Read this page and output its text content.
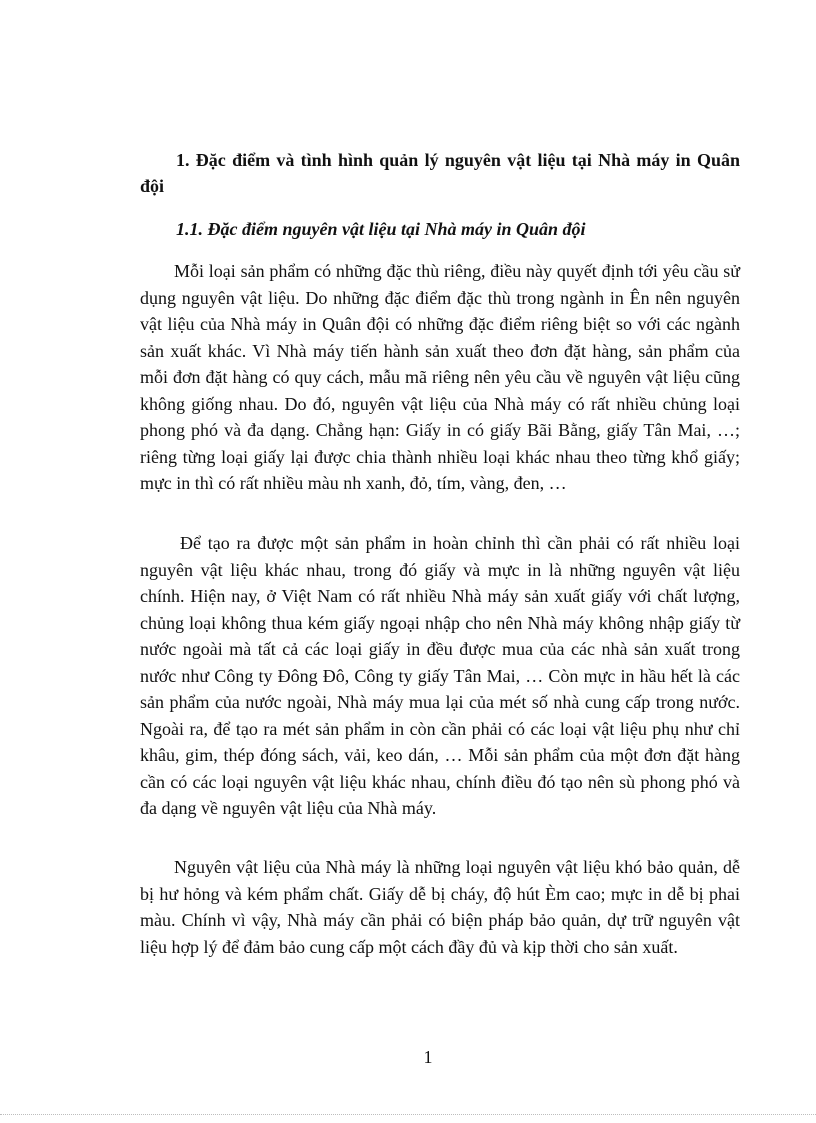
1. Đặc điểm và tình hình quản lý nguyên vật liệu tại Nhà máy in Quân đội
1.1. Đặc điểm nguyên vật liệu tại Nhà máy in Quân đội
Mỗi loại sản phẩm có những đặc thù riêng, điều này quyết định tới yêu cầu sử dụng nguyên vật liệu. Do những đặc điểm đặc thù trong ngành in Ên nên nguyên vật liệu của Nhà máy in Quân đội có những đặc điểm riêng biệt so với các ngành sản xuất khác. Vì Nhà máy tiến hành sản xuất theo đơn đặt hàng, sản phẩm của mỗi đơn đặt hàng có quy cách, mẫu mã riêng nên yêu cầu về nguyên vật liệu cũng không giống nhau. Do đó, nguyên vật liệu của Nhà máy có rất nhiều chủng loại phong phó và đa dạng. Chẳng hạn: Giấy in có giấy Bãi Bằng, giấy Tân Mai, …; riêng từng loại giấy lại được chia thành nhiều loại khác nhau theo từng khổ giấy; mực in thì có rất nhiều màu nh xanh, đỏ, tím, vàng, đen, …
Để tạo ra được một sản phẩm in hoàn chỉnh thì cần phải có rất nhiều loại nguyên vật liệu khác nhau, trong đó giấy và mực in là những nguyên vật liệu chính. Hiện nay, ở Việt Nam có rất nhiều Nhà máy sản xuất giấy với chất lượng, chủng loại không thua kém giấy ngoại nhập cho nên Nhà máy không nhập giấy từ nước ngoài mà tất cả các loại giấy in đều được mua của các nhà sản xuất trong nước như Công ty Đông Đô, Công ty giấy Tân Mai, … Còn mực in hầu hết là các sản phẩm của nước ngoài, Nhà máy mua lại của mét số nhà cung cấp trong nước. Ngoài ra, để tạo ra mét sản phẩm in còn cần phải có các loại vật liệu phụ như chỉ khâu, gim, thép đóng sách, vải, keo dán, … Mỗi sản phẩm của một đơn đặt hàng cần có các loại nguyên vật liệu khác nhau, chính điều đó tạo nên sù phong phó và đa dạng về nguyên vật liệu của Nhà máy.
Nguyên vật liệu của Nhà máy là những loại nguyên vật liệu khó bảo quản, dễ bị hư hỏng và kém phẩm chất. Giấy dễ bị cháy, độ hút Èm cao; mực in dễ bị phai màu. Chính vì vậy, Nhà máy cần phải có biện pháp bảo quản, dự trữ nguyên vật liệu hợp lý để đảm bảo cung cấp một cách đầy đủ và kịp thời cho sản xuất.
1
